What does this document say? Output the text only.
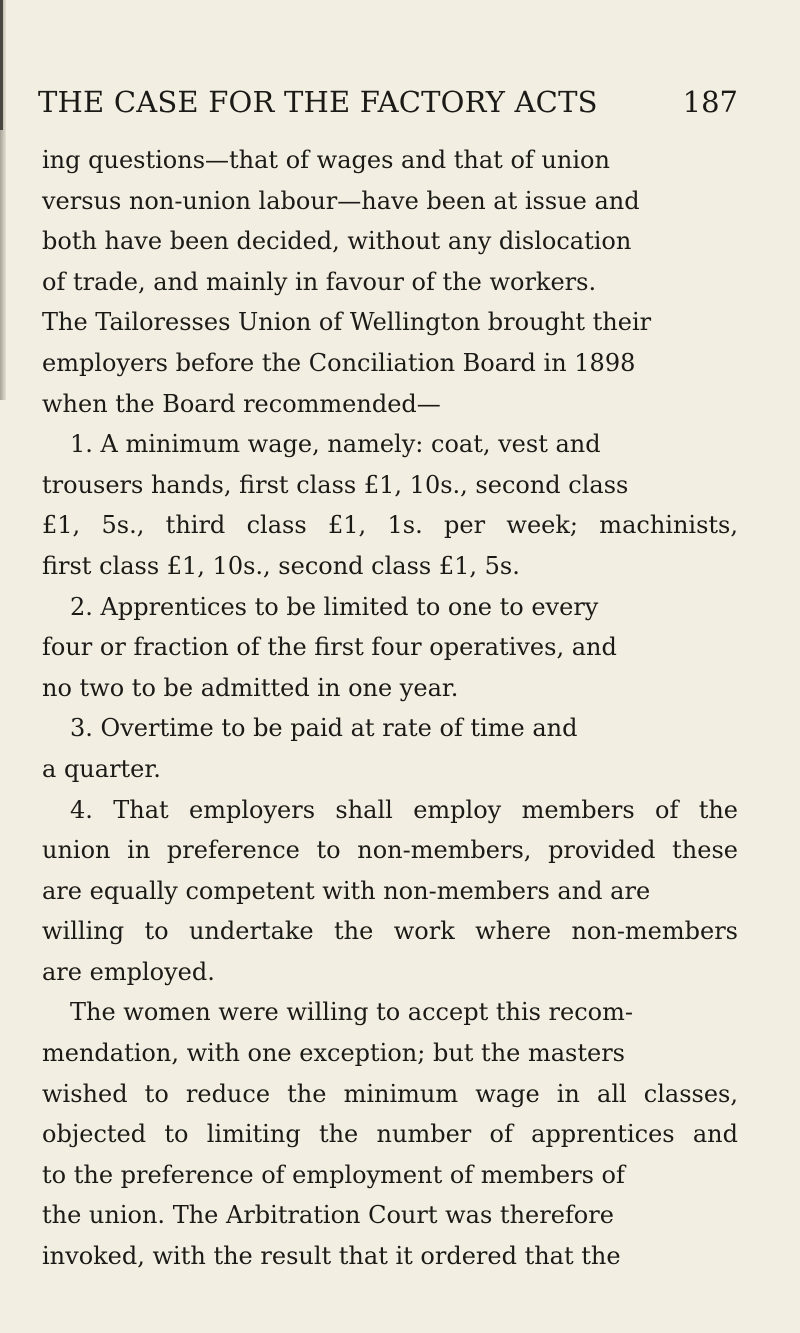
THE CASE FOR THE FACTORY ACTS	187
ing questions—that of wages and that of union
versus non-union labour—have been at issue and
both have been decided, without any dislocation
of trade, and mainly in favour of the workers.
The Tailoresses Union of Wellington brought their
employers before the Conciliation Board in 1898
when the Board recommended—
1. A minimum wage, namely: coat, vest and
trousers hands, first class £1, 10s., second class
£1, 5s., third class £1, 1s. per week; machinists,
first class £1, 10s., second class £1, 5s.
2. Apprentices to be limited to one to every
four or fraction of the first four operatives, and
no two to be admitted in one year.
3. Overtime to be paid at rate of time and
a quarter.
4. That employers shall employ members of the
union in preference to non-members, provided these
are equally competent with non-members and are
willing to undertake the work where non-members
are employed.
The women were willing to accept this recom-
mendation, with one exception; but the masters
wished to reduce the minimum wage in all classes,
objected to limiting the number of apprentices and
to the preference of employment of members of
the union. The Arbitration Court was therefore
invoked, with the result that it ordered that the
